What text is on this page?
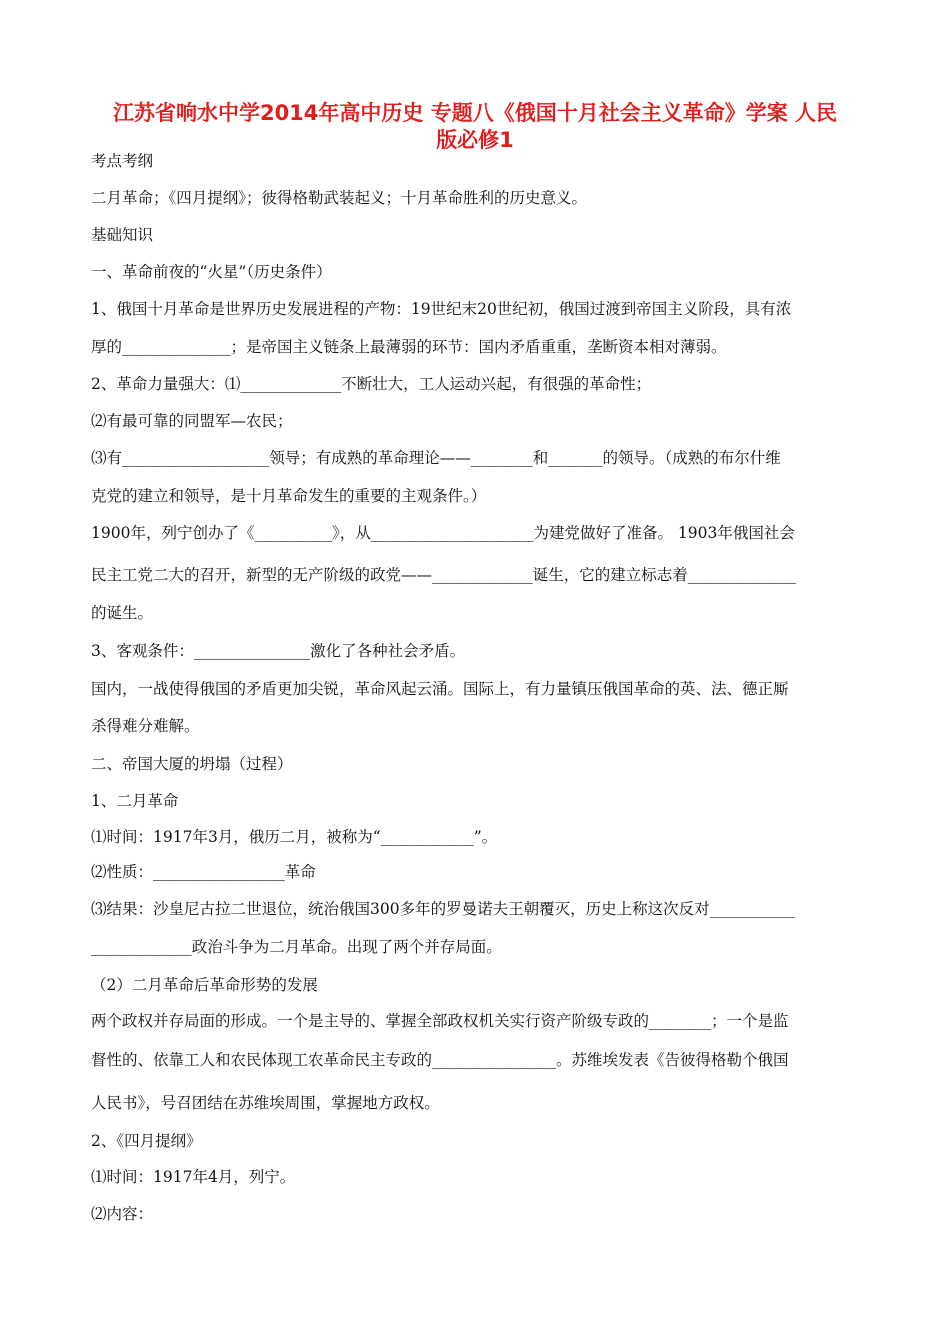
江苏省响水中学2014年高中历史 专题八《俄国十月社会主义革命》学案 人民
版必修1
考点考纲
二月革命；《四月提纲》；彼得格勒武装起义；十月革命胜利的历史意义。
基础知识
一、革命前夜的“火星”（历史条件）
1、俄国十月革命是世界历史发展进程的产物：19世纪末20世纪初，俄国过渡到帝国主义阶段，具有浓
厚的______________；是帝国主义链条上最薄弱的环节：国内矛盾重重，垄断资本相对薄弱。
2、革命力量强大：⑴_____________不断壮大，工人运动兴起，有很强的革命性；
⑵有最可靠的同盟军—农民；
⑶有___________________领导；有成熟的革命理论——________和_______的领导。（成熟的布尔什维
克党的建立和领导，是十月革命发生的重要的主观条件。）
1900年，列宁创办了《__________》，从_____________________为建党做好了准备。 1903年俄国社会
民主工党二大的召开，新型的无产阶级的政党——_____________诞生，它的建立标志着______________
的诞生。
3、客观条件：_______________激化了各种社会矛盾。
国内，一战使得俄国的矛盾更加尖锐，革命风起云涌。国际上，有力量镇压俄国革命的英、法、德正厮
杀得难分难解。
二、帝国大厦的坍塌（过程）
1、二月革命
⑴时间：1917年3月，俄历二月，被称为“____________”。
⑵性质：_________________革命
⑶结果：沙皇尼古拉二世退位，统治俄国300多年的罗曼诺夫王朝覆灭，历史上称这次反对___________
_____________政治斗争为二月革命。出现了两个并存局面。
（2）二月革命后革命形势的发展
两个政权并存局面的形成。一个是主导的、掌握全部政权机关实行资产阶级专政的________；一个是监
督性的、依靠工人和农民体现工农革命民主专政的________________。苏维埃发表《告彼得格勒个俄国
人民书》，号召团结在苏维埃周围，掌握地方政权。
2、《四月提纲》
⑴时间：1917年4月，列宁。
⑵内容：
